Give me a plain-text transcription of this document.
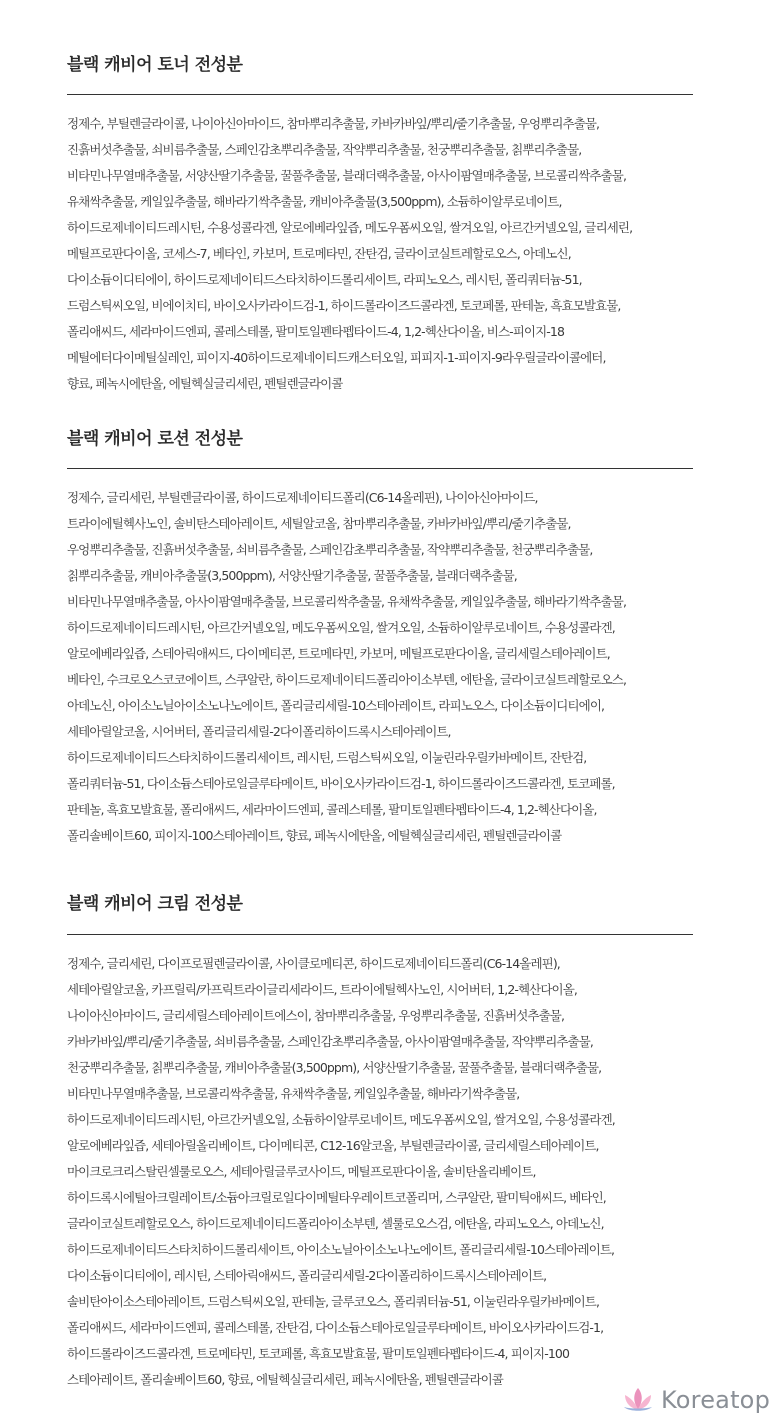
블랙 캐비어 토너 전성분
정제수, 부틸렌글라이콜, 나이아신아마이드, 참마뿌리추출물, 카바카바잎/뿌리/줄기추출물, 우엉뿌리추출물,
진흙버섯추출물, 쇠비름추출물, 스페인감초뿌리추출물, 작약뿌리추출물, 천궁뿌리추출물, 칡뿌리추출물,
비타민나무열매추출물, 서양산딸기추출물, 꿀풀추출물, 블래더랙추출물, 아사이팜열매추출물, 브로콜리싹추출물,
유채싹추출물, 케일잎추출물, 해바라기싹추출물, 캐비아추출물(3,500ppm), 소듐하이알루로네이트,
하이드로제네이티드레시틴, 수용성콜라겐, 알로에베라잎즙, 메도우폼씨오일, 쌀겨오일, 아르간커넬오일, 글리세린,
메틸프로판다이올, 코세스-7, 베타인, 카보머, 트로메타민, 잔탄검, 글라이코실트레할로오스, 아데노신,
다이소듐이디티에이, 하이드로제네이티드스타치하이드롤리세이트, 라피노오스, 레시틴, 폴리쿼터늄-51,
드럼스틱씨오일, 비에이치티, 바이오사카라이드검-1, 하이드롤라이즈드콜라겐, 토코페롤, 판테놀, 흑효모발효물,
폴리애씨드, 세라마이드엔피, 콜레스테롤, 팔미토일펜타펩타이드-4, 1,2-헥산다이올, 비스-피이지-18
메틸에터다이메틸실레인, 피이지-40하이드로제네이티드캐스터오일, 피피지-1-피이지-9라우릴글라이콜에터,
향료, 페녹시에탄올, 에틸헥실글리세린, 펜틸렌글라이콜
블랙 캐비어 로션 전성분
정제수, 글리세린, 부틸렌글라이콜, 하이드로제네이티드폴리(C6-14올레핀), 나이아신아마이드,
트라이에틸헥사노인, 솔비탄스테아레이트, 세틸알코올, 참마뿌리추출물, 카바카바잎/뿌리/줄기추출물,
우엉뿌리추출물, 진흙버섯추출물, 쇠비름추출물, 스페인감초뿌리추출물, 작약뿌리추출물, 천궁뿌리추출물,
칡뿌리추출물, 캐비아추출물(3,500ppm), 서양산딸기추출물, 꿀풀추출물, 블래더랙추출물,
비타민나무열매추출물, 아사이팜열매추출물, 브로콜리싹추출물, 유채싹추출물, 케일잎추출물, 해바라기싹추출물,
하이드로제네이티드레시틴, 아르간커넬오일, 메도우폼씨오일, 쌀겨오일, 소듐하이알루로네이트, 수용성콜라겐,
알로에베라잎즙, 스테아릭애씨드, 다이메티콘, 트로메타민, 카보머, 메틸프로판다이올, 글리세릴스테아레이트,
베타인, 수크로오스코코에이트, 스쿠알란, 하이드로제네이티드폴리아이소부텐, 에탄올, 글라이코실트레할로오스,
아데노신, 아이소노닐아이소노나노에이트, 폴리글리세릴-10스테아레이트, 라피노오스, 다이소듐이디티에이,
세테아릴알코올, 시어버터, 폴리글리세릴-2다이폴리하이드록시스테아레이트,
하이드로제네이티드스타치하이드롤리세이트, 레시틴, 드럼스틱씨오일, 이눌린라우릴카바메이트, 잔탄검,
폴리쿼터늄-51, 다이소듐스테아로일글루타메이트, 바이오사카라이드검-1, 하이드롤라이즈드콜라겐, 토코페롤,
판테놀, 흑효모발효물, 폴리애씨드, 세라마이드엔피, 콜레스테롤, 팔미토일펜타펩타이드-4, 1,2-헥산다이올,
폴리솔베이트60, 피이지-100스테아레이트, 향료, 페녹시에탄올, 에틸헥실글리세린, 펜틸렌글라이콜
블랙 캐비어 크림 전성분
정제수, 글리세린, 다이프로필렌글라이콜, 사이클로메티콘, 하이드로제네이티드폴리(C6-14올레핀),
세테아릴알코올, 카프릴릭/카프릭트라이글리세라이드, 트라이에틸헥사노인, 시어버터, 1,2-헥산다이올,
나이아신아마이드, 글리세릴스테아레이트에스이, 참마뿌리추출물, 우엉뿌리추출물, 진흙버섯추출물,
카바카바잎/뿌리/줄기추출물, 쇠비름추출물, 스페인감초뿌리추출물, 아사이팜열매추출물, 작약뿌리추출물,
천궁뿌리추출물, 칡뿌리추출물, 캐비아추출물(3,500ppm), 서양산딸기추출물, 꿀풀추출물, 블래더랙추출물,
비타민나무열매추출물, 브로콜리싹추출물, 유채싹추출물, 케일잎추출물, 해바라기싹추출물,
하이드로제네이티드레시틴, 아르간커넬오일, 소듐하이알루로네이트, 메도우폼씨오일, 쌀겨오일, 수용성콜라겐,
알로에베라잎즙, 세테아릴올리베이트, 다이메티콘, C12-16알코올, 부틸렌글라이콜, 글리세릴스테아레이트,
마이크로크리스탈린셀룰로오스, 세테아릴글루코사이드, 메틸프로판다이올, 솔비탄올리베이트,
하이드록시에틸아크릴레이트/소듐아크릴로일다이메틸타우레이트코폴리머, 스쿠알란, 팔미틱애씨드, 베타인,
글라이코실트레할로오스, 하이드로제네이티드폴리아이소부텐, 셀룰로오스검, 에탄올, 라피노오스, 아데노신,
하이드로제네이티드스타치하이드롤리세이트, 아이소노닐아이소노나노에이트, 폴리글리세릴-10스테아레이트,
다이소듐이디티에이, 레시틴, 스테아릭애씨드, 폴리글리세릴-2다이폴리하이드록시스테아레이트,
솔비탄아이소스테아레이트, 드럼스틱씨오일, 판테놀, 글루코오스, 폴리쿼터늄-51, 이눌린라우릴카바메이트,
폴리애씨드, 세라마이드엔피, 콜레스테롤, 잔탄검, 다이소듐스테아로일글루타메이트, 바이오사카라이드검-1,
하이드롤라이즈드콜라겐, 트로메타민, 토코페롤, 흑효모발효물, 팔미토일펜타펩타이드-4, 피이지-100
스테아레이트, 폴리솔베이트60, 향료, 에틸헥실글리세린, 페녹시에탄올, 펜틸렌글라이콜
Koreatop
